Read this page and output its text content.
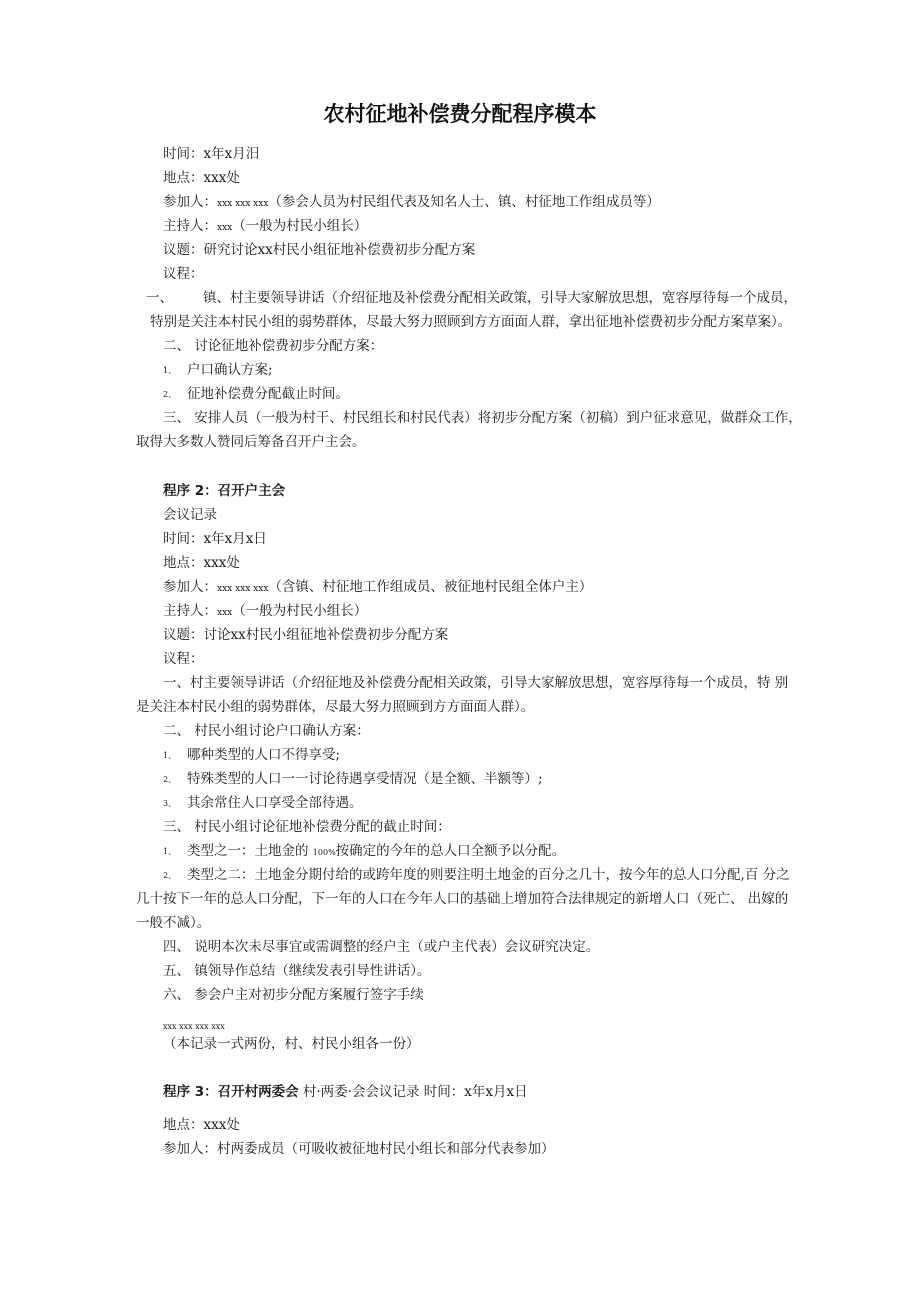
农村征地补偿费分配程序模本
时间：x年x月汨
地点：xxx处
参加人：xxx xxx xxx（参会人员为村民组代表及知名人士、镇、村征地工作组成员等）
主持人：xxx（一般为村民小组长）
议题：研究讨论xx村民小组征地补偿费初步分配方案
议程：
一、 镇、村主要领导讲话（介绍征地及补偿费分配相关政策，引导大家解放思想，宽容厚待每一个成员，
特别是关注本村民小组的弱势群体，尽最大努力照顾到方方面面人群，拿出征地补偿费初步分配方案草案）。
二、 讨论征地补偿费初步分配方案：
1、 户口确认方案;
2、 征地补偿费分配截止时间。
三、 安排人员（一般为村干、村民组长和村民代表）将初步分配方案（初稿）到户征求意见，做群众工作，
取得大多数人赞同后筹备召开户主会。
程序 2：召开户主会
会议记录
时间：x年x月x日
地点：xxx处
参加人：xxx xxx xxx（含镇、村征地工作组成员、被征地村民组全体户主）
主持人：xxx（一般为村民小组长）
议题：讨论xx村民小组征地补偿费初步分配方案
议程：
一、村主要领导讲话（介绍征地及补偿费分配相关政策，引导大家解放思想，宽容厚待每一个成员，特 别
是关注本村民小组的弱势群体，尽最大努力照顾到方方面面人群）。
二、 村民小组讨论户口确认方案：
1、 哪种类型的人口不得享受;
2、 特殊类型的人口一一讨论待遇享受情况（是全额、半额等）;
3、 其余常住人口享受全部待遇。
三、 村民小组讨论征地补偿费分配的截止时间：
1、 类型之一：土地金的 100%按确定的今年的总人口全额予以分配。
2、 类型之二：土地金分期付给的或跨年度的则要注明土地金的百分之几十，按今年的总人口分配,百 分之
几十按下一年的总人口分配，下一年的人口在今年人口的基础上增加符合法律规定的新增人口（死亡、 出嫁的
一般不减）。
四、 说明本次未尽事宜或需调整的经户主（或户主代表）会议研究决定。
五、 镇领导作总结（继续发表引导性讲话）。
六、 参会户主对初步分配方案履行签字手续
xxx xxx xxx xxx
（本记录一式两份，村、村民小组各一份）
程序 3：召开村两委会 村·两委·会会议记录 时间：x年x月x日
地点：xxx处
参加人：村两委成员（可吸收被征地村民小组长和部分代表参加）
